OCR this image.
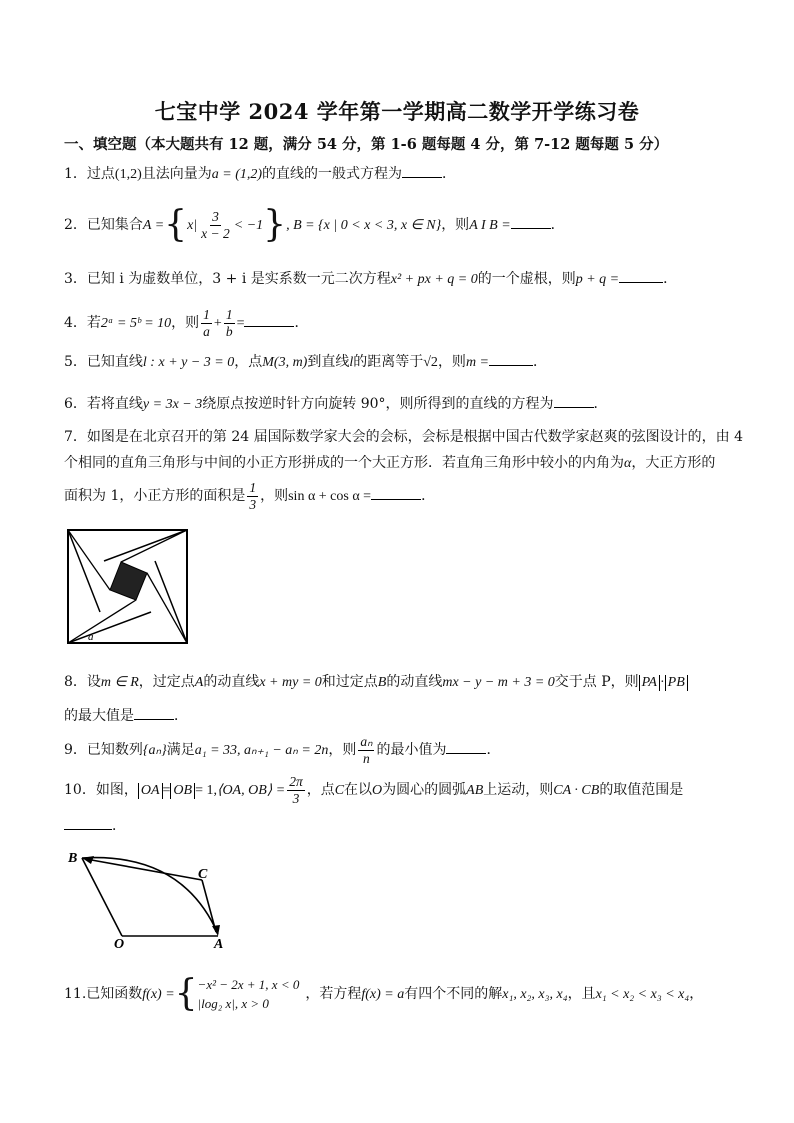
七宝中学 2024 学年第一学期高二数学开学练习卷
一、填空题（本大题共有 12 题，满分 54 分，第 1-6 题每题 4 分，第 7-12 题每题 5 分）
1．过点(1,2)且法向量为a = (1,2)的直线的一般式方程为	．
2．已知集合$A =\{x| \frac{3}{x - 2} < -1\}$, B = {x | 0 < x < 3, x ∈ N}，则A I B =	．
3．已知 i 为虚数单位，3 + i 是实系数一元二次方程x² + px + q = 0的一个虚根，则p + q =	．
4．若2ᵃ = 5ᵇ = 10，则 $\frac{1}{a} + \frac{1}{b}$ =	．
5．已知直线l : x + y − 3 = 0，点M(3, m)到直线l的距离等于√2，则m =	．
6．若将直线y = 3x − 3绕原点按逆时针方向旋转 90°，则所得到的直线的方程为	．
7．如图是在北京召开的第 24 届国际数学家大会的会标，会标是根据中国古代数学家赵爽的弦图设计的，由 4
个相同的直角三角形与中间的小正方形拼成的一个大正方形．若直角三角形中较小的内角为α，大正方形的
面积为 1，小正方形的面积是 $\frac{1}{3}$ ，则sin α + cos α =	．
a
8．设m ∈ R，过定点A的动直线x + my = 0和过定点B的动直线mx − y − m + 3 = 0交于点 P，则 PA · PB
的最大值是	．
9．已知数列{aₙ}满足a₁ = 33, aₙ₊₁ − aₙ = 2n，则 $\frac{\text{aₙ}}{n}$ 的最小值为	．
10．如图， OA = OB = 1,⟨OA, OB⟩ = $\frac{2\pi}{3}$ ，点C在以O为圆心的圆弧AB上运动，则CA · CB的取值范围是
．
B
C
O	A
11.已知函数f(x) ={ −x² − 2x + 1, x < 0
|log₂ x|, x > 0
，若方程f(x) = a有四个不同的解x₁, x₂, x₃, x₄，且x₁ < x₂ < x₃ < x₄，
